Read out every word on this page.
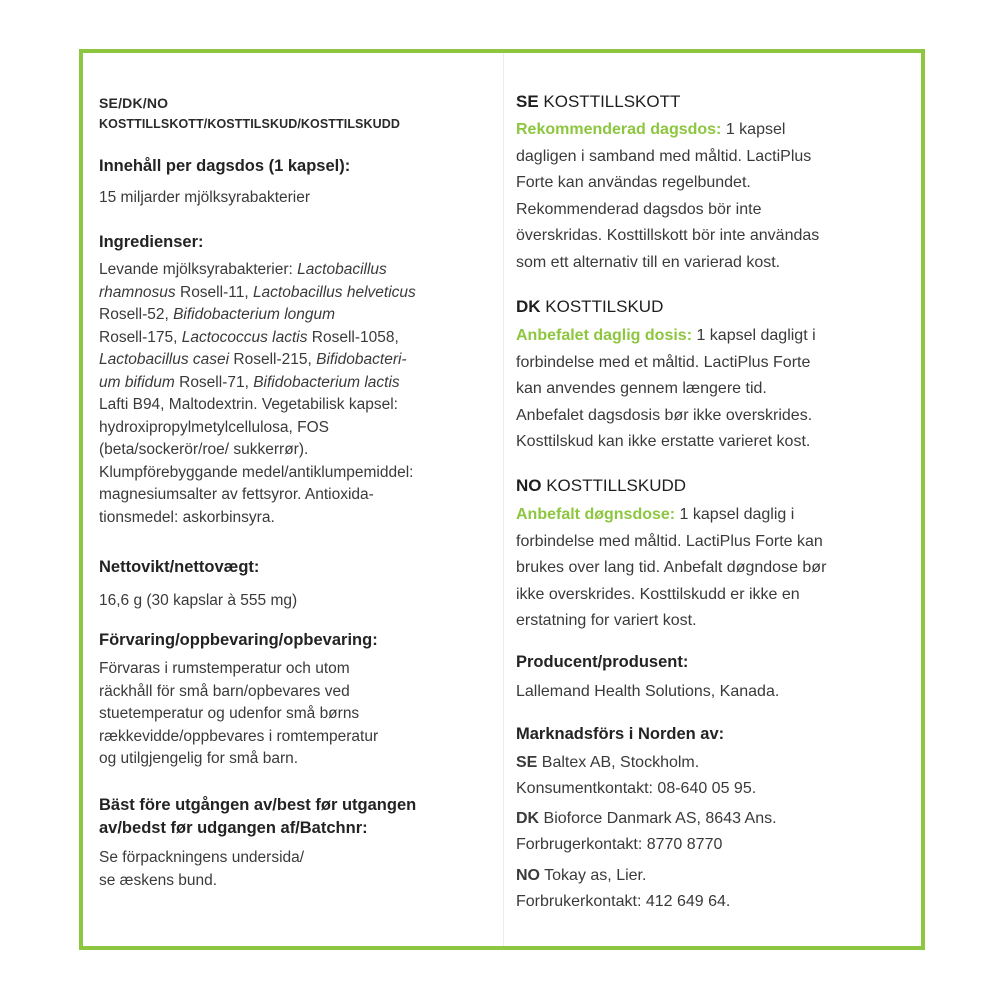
SE/DK/NO
KOSTTILLSKOTT/KOSTTILSKUD/KOSTTILSKUDD
Innehåll per dagsdos (1 kapsel):
15 miljarder mjölksyrabakterier
Ingredienser:
Levande mjölksyrabakterier: Lactobacillus
rhamnosus Rosell-11, Lactobacillus helveticus
Rosell-52, Bifidobacterium longum
Rosell-175, Lactococcus lactis Rosell-1058,
Lactobacillus casei Rosell-215, Bifidobacteri-
um bifidum Rosell-71, Bifidobacterium lactis
Lafti B94, Maltodextrin. Vegetabilisk kapsel:
hydroxipropylmetylcellulosa, FOS
(beta/sockerör/roe/ sukkerrør).
Klumpförebyggande medel/antiklumpemiddel:
magnesiumsalter av fettsyror. Antioxida-
tionsmedel: askorbinsyra.
Nettovikt/nettovægt:
16,6 g (30 kapslar à 555 mg)
Förvaring/oppbevaring/opbevaring:
Förvaras i rumstemperatur och utom
räckhåll för små barn/opbevares ved
stuetemperatur og udenfor små børns
rækkevidde/oppbevares i romtemperatur
og utilgjengelig for små barn.
Bäst före utgången av/best før utgangen
av/bedst før udgangen af/Batchnr:
Se förpackningens undersida/
se æskens bund.
SE KOSTTILLSKOTT
Rekommenderad dagsdos: 1 kapsel
dagligen i samband med måltid. LactiPlus
Forte kan användas regelbundet.
Rekommenderad dagsdos bör inte
överskridas. Kosttillskott bör inte användas
som ett alternativ till en varierad kost.
DK KOSTTILSKUD
Anbefalet daglig dosis: 1 kapsel dagligt i
forbindelse med et måltid. LactiPlus Forte
kan anvendes gennem længere tid.
Anbefalet dagsdosis bør ikke overskrides.
Kosttilskud kan ikke erstatte varieret kost.
NO KOSTTILLSKUDD
Anbefalt døgnsdose: 1 kapsel daglig i
forbindelse med måltid. LactiPlus Forte kan
brukes over lang tid. Anbefalt døgndose bør
ikke overskrides. Kosttilskudd er ikke en
erstatning for variert kost.
Producent/produsent:
Lallemand Health Solutions, Kanada.
Marknadsförs i Norden av:
SE Baltex AB, Stockholm.
Konsumentkontakt: 08-640 05 95.
DK Bioforce Danmark AS, 8643 Ans.
Forbrugerkontakt: 8770 8770
NO Tokay as, Lier.
Forbrukerkontakt: 412 649 64.
